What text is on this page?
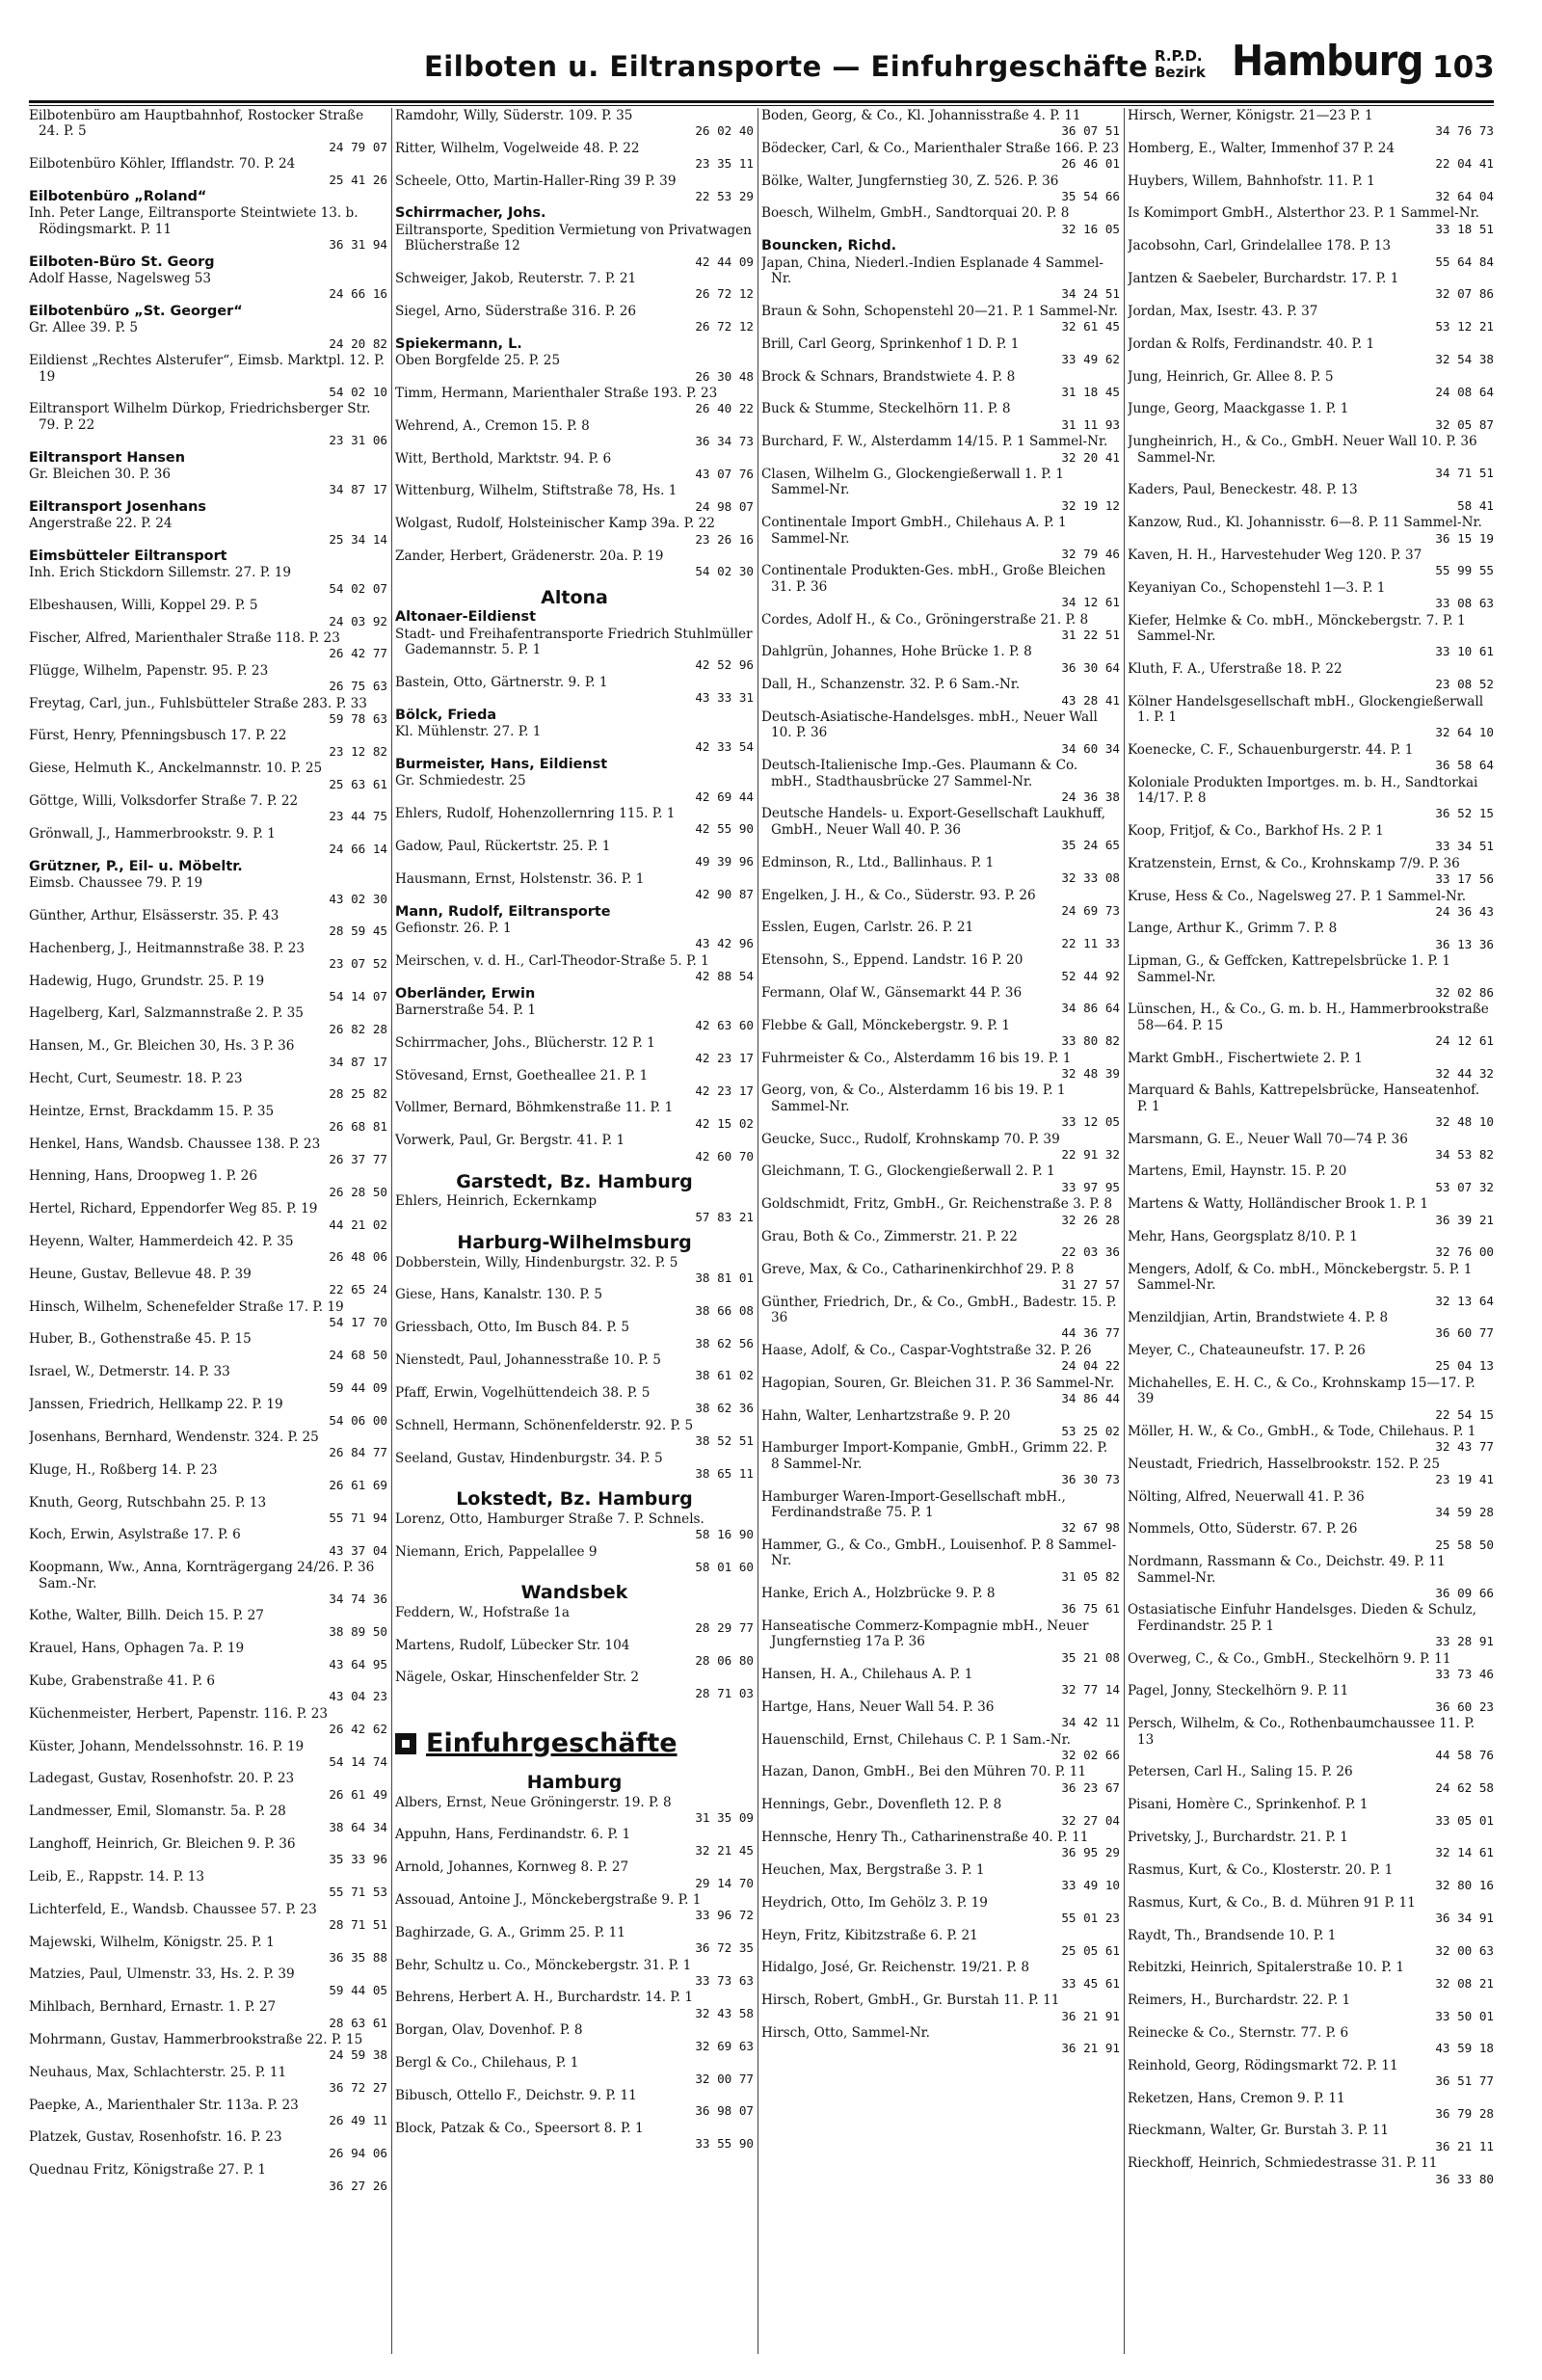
Eilboten u. Eiltransporte — Einfuhrgeschäfte R.P.D.
Bezirk Hamburg 103
Eilbotenbüro am Hauptbahnhof, Rostocker Straße 24. P. 5
24 79 07
Eilbotenbüro Köhler, Ifflandstr. 70. P. 24
25 41 26
Eilbotenbüro „Roland“
Inh. Peter Lange, Eiltransporte Steintwiete 13. b. Rödingsmarkt. P. 11
36 31 94
Eilboten-Büro St. Georg
Adolf Hasse, Nagelsweg 53
24 66 16
Eilbotenbüro „St. Georger“
Gr. Allee 39. P. 5
24 20 82
Eildienst „Rechtes Alsterufer“, Eimsb. Marktpl. 12. P. 19
54 02 10
Eiltransport Wilhelm Dürkop, Friedrichsberger Str. 79. P. 22
23 31 06
Eiltransport Hansen
Gr. Bleichen 30. P. 36
34 87 17
Eiltransport Josenhans
Angerstraße 22. P. 24
25 34 14
Eimsbütteler Eiltransport
Inh. Erich Stickdorn Sillemstr. 27. P. 19
54 02 07
Elbeshausen, Willi, Koppel 29. P. 5
24 03 92
Fischer, Alfred, Marienthaler Straße 118. P. 23
26 42 77
Flügge, Wilhelm, Papenstr. 95. P. 23
26 75 63
Freytag, Carl, jun., Fuhlsbütteler Straße 283. P. 33
59 78 63
Fürst, Henry, Pfenningsbusch 17. P. 22
23 12 82
Giese, Helmuth K., Anckelmannstr. 10. P. 25
25 63 61
Göttge, Willi, Volksdorfer Straße 7. P. 22
23 44 75
Grönwall, J., Hammerbrookstr. 9. P. 1
24 66 14
Grützner, P., Eil- u. Möbeltr.
Eimsb. Chaussee 79. P. 19
43 02 30
Günther, Arthur, Elsässerstr. 35. P. 43
28 59 45
Hachenberg, J., Heitmannstraße 38. P. 23
23 07 52
Hadewig, Hugo, Grundstr. 25. P. 19
54 14 07
Hagelberg, Karl, Salzmannstraße 2. P. 35
26 82 28
Hansen, M., Gr. Bleichen 30, Hs. 3 P. 36
34 87 17
Hecht, Curt, Seumestr. 18. P. 23
28 25 82
Heintze, Ernst, Brackdamm 15. P. 35
26 68 81
Henkel, Hans, Wandsb. Chaussee 138. P. 23
26 37 77
Henning, Hans, Droopweg 1. P. 26
26 28 50
Hertel, Richard, Eppendorfer Weg 85. P. 19
44 21 02
Heyenn, Walter, Hammerdeich 42. P. 35
26 48 06
Heune, Gustav, Bellevue 48. P. 39
22 65 24
Hinsch, Wilhelm, Schenefelder Straße 17. P. 19
54 17 70
Huber, B., Gothenstraße 45. P. 15
24 68 50
Israel, W., Detmerstr. 14. P. 33
59 44 09
Janssen, Friedrich, Hellkamp 22. P. 19
54 06 00
Josenhans, Bernhard, Wendenstr. 324. P. 25
26 84 77
Kluge, H., Roßberg 14. P. 23
26 61 69
Knuth, Georg, Rutschbahn 25. P. 13
55 71 94
Koch, Erwin, Asylstraße 17. P. 6
43 37 04
Koopmann, Ww., Anna, Kornträgergang 24/26. P. 36 Sam.-Nr.
34 74 36
Kothe, Walter, Billh. Deich 15. P. 27
38 89 50
Krauel, Hans, Ophagen 7a. P. 19
43 64 95
Kube, Grabenstraße 41. P. 6
43 04 23
Küchenmeister, Herbert, Papenstr. 116. P. 23
26 42 62
Küster, Johann, Mendelssohnstr. 16. P. 19
54 14 74
Ladegast, Gustav, Rosenhofstr. 20. P. 23
26 61 49
Landmesser, Emil, Slomanstr. 5a. P. 28
38 64 34
Langhoff, Heinrich, Gr. Bleichen 9. P. 36
35 33 96
Leib, E., Rappstr. 14. P. 13
55 71 53
Lichterfeld, E., Wandsb. Chaussee 57. P. 23
28 71 51
Majewski, Wilhelm, Königstr. 25. P. 1
36 35 88
Matzies, Paul, Ulmenstr. 33, Hs. 2. P. 39
59 44 05
Mihlbach, Bernhard, Ernastr. 1. P. 27
28 63 61
Mohrmann, Gustav, Hammerbrookstraße 22. P. 15
24 59 38
Neuhaus, Max, Schlachterstr. 25. P. 11
36 72 27
Paepke, A., Marienthaler Str. 113a. P. 23
26 49 11
Platzek, Gustav, Rosenhofstr. 16. P. 23
26 94 06
Quednau Fritz, Königstraße 27. P. 1
36 27 26
Ramdohr, Willy, Süderstr. 109. P. 35
26 02 40
Ritter, Wilhelm, Vogelweide 48. P. 22
23 35 11
Scheele, Otto, Martin-Haller-Ring 39 P. 39
22 53 29
Schirrmacher, Johs.
Eiltransporte, Spedition Vermietung von Privatwagen Blücherstraße 12
42 44 09
Schweiger, Jakob, Reuterstr. 7. P. 21
26 72 12
Siegel, Arno, Süderstraße 316. P. 26
26 72 12
Spiekermann, L.
Oben Borgfelde 25. P. 25
26 30 48
Timm, Hermann, Marienthaler Straße 193. P. 23
26 40 22
Wehrend, A., Cremon 15. P. 8
36 34 73
Witt, Berthold, Marktstr. 94. P. 6
43 07 76
Wittenburg, Wilhelm, Stiftstraße 78, Hs. 1
24 98 07
Wolgast, Rudolf, Holsteinischer Kamp 39a. P. 22
23 26 16
Zander, Herbert, Grädenerstr. 20a. P. 19
54 02 30
Altona
Altonaer-Eildienst
Stadt- und Freihafentransporte Friedrich Stuhlmüller Gademannstr. 5. P. 1
42 52 96
Bastein, Otto, Gärtnerstr. 9. P. 1
43 33 31
Bölck, Frieda
Kl. Mühlenstr. 27. P. 1
42 33 54
Burmeister, Hans, Eildienst
Gr. Schmiedestr. 25
42 69 44
Ehlers, Rudolf, Hohenzollernring 115. P. 1
42 55 90
Gadow, Paul, Rückertstr. 25. P. 1
49 39 96
Hausmann, Ernst, Holstenstr. 36. P. 1
42 90 87
Mann, Rudolf, Eiltransporte
Gefionstr. 26. P. 1
43 42 96
Meirschen, v. d. H., Carl-Theodor-Straße 5. P. 1
42 88 54
Oberländer, Erwin
Barnerstraße 54. P. 1
42 63 60
Schirrmacher, Johs., Blücherstr. 12 P. 1
42 23 17
Stövesand, Ernst, Goetheallee 21. P. 1
42 23 17
Vollmer, Bernard, Böhmkenstraße 11. P. 1
42 15 02
Vorwerk, Paul, Gr. Bergstr. 41. P. 1
42 60 70
Garstedt, Bz. Hamburg
Ehlers, Heinrich, Eckernkamp
57 83 21
Harburg-Wilhelmsburg
Dobberstein, Willy, Hindenburgstr. 32. P. 5
38 81 01
Giese, Hans, Kanalstr. 130. P. 5
38 66 08
Griessbach, Otto, Im Busch 84. P. 5
38 62 56
Nienstedt, Paul, Johannesstraße 10. P. 5
38 61 02
Pfaff, Erwin, Vogelhüttendeich 38. P. 5
38 62 36
Schnell, Hermann, Schönenfelderstr. 92. P. 5
38 52 51
Seeland, Gustav, Hindenburgstr. 34. P. 5
38 65 11
Lokstedt, Bz. Hamburg
Lorenz, Otto, Hamburger Straße 7. P. Schnels.
58 16 90
Niemann, Erich, Pappelallee 9
58 01 60
Wandsbek
Feddern, W., Hofstraße 1a
28 29 77
Martens, Rudolf, Lübecker Str. 104
28 06 80
Nägele, Oskar, Hinschenfelder Str. 2
28 71 03
Einfuhrgeschäfte
Hamburg
Albers, Ernst, Neue Gröningerstr. 19. P. 8
31 35 09
Appuhn, Hans, Ferdinandstr. 6. P. 1
32 21 45
Arnold, Johannes, Kornweg 8. P. 27
29 14 70
Assouad, Antoine J., Mönckebergstraße 9. P. 1
33 96 72
Baghirzade, G. A., Grimm 25. P. 11
36 72 35
Behr, Schultz u. Co., Mönckebergstr. 31. P. 1
33 73 63
Behrens, Herbert A. H., Burchardstr. 14. P. 1
32 43 58
Borgan, Olav, Dovenhof. P. 8
32 69 63
Bergl & Co., Chilehaus, P. 1
32 00 77
Bibusch, Ottello F., Deichstr. 9. P. 11
36 98 07
Block, Patzak & Co., Speersort 8. P. 1
33 55 90
Boden, Georg, & Co., Kl. Johannisstraße 4. P. 11
36 07 51
Bödecker, Carl, & Co., Marienthaler Straße 166. P. 23
26 46 01
Bölke, Walter, Jungfernstieg 30, Z. 526. P. 36
35 54 66
Boesch, Wilhelm, GmbH., Sandtorquai 20. P. 8
32 16 05
Bouncken, Richd.
Japan, China, Niederl.-Indien Esplanade 4 Sammel-Nr.
34 24 51
Braun & Sohn, Schopenstehl 20—21. P. 1 Sammel-Nr.
32 61 45
Brill, Carl Georg, Sprinkenhof 1 D. P. 1
33 49 62
Brock & Schnars, Brandstwiete 4. P. 8
31 18 45
Buck & Stumme, Steckelhörn 11. P. 8
31 11 93
Burchard, F. W., Alsterdamm 14/15. P. 1 Sammel-Nr.
32 20 41
Clasen, Wilhelm G., Glockengießerwall 1. P. 1 Sammel-Nr.
32 19 12
Continentale Import GmbH., Chilehaus A. P. 1 Sammel-Nr.
32 79 46
Continentale Produkten-Ges. mbH., Große Bleichen 31. P. 36
34 12 61
Cordes, Adolf H., & Co., Gröningerstraße 21. P. 8
31 22 51
Dahlgrün, Johannes, Hohe Brücke 1. P. 8
36 30 64
Dall, H., Schanzenstr. 32. P. 6 Sam.-Nr.
43 28 41
Deutsch-Asiatische-Handelsges. mbH., Neuer Wall 10. P. 36
34 60 34
Deutsch-Italienische Imp.-Ges. Plaumann & Co. mbH., Stadthausbrücke 27 Sammel-Nr.
24 36 38
Deutsche Handels- u. Export-Gesellschaft Laukhuff, GmbH., Neuer Wall 40. P. 36
35 24 65
Edminson, R., Ltd., Ballinhaus. P. 1
32 33 08
Engelken, J. H., & Co., Süderstr. 93. P. 26
24 69 73
Esslen, Eugen, Carlstr. 26. P. 21
22 11 33
Etensohn, S., Eppend. Landstr. 16 P. 20
52 44 92
Fermann, Olaf W., Gänsemarkt 44 P. 36
34 86 64
Flebbe & Gall, Mönckebergstr. 9. P. 1
33 80 82
Fuhrmeister & Co., Alsterdamm 16 bis 19. P. 1
32 48 39
Georg, von, & Co., Alsterdamm 16 bis 19. P. 1 Sammel-Nr.
33 12 05
Geucke, Succ., Rudolf, Krohnskamp 70. P. 39
22 91 32
Gleichmann, T. G., Glockengießerwall 2. P. 1
33 97 95
Goldschmidt, Fritz, GmbH., Gr. Reichenstraße 3. P. 8
32 26 28
Grau, Both & Co., Zimmerstr. 21. P. 22
22 03 36
Greve, Max, & Co., Catharinenkirchhof 29. P. 8
31 27 57
Günther, Friedrich, Dr., & Co., GmbH., Badestr. 15. P. 36
44 36 77
Haase, Adolf, & Co., Caspar-Voghtstraße 32. P. 26
24 04 22
Hagopian, Souren, Gr. Bleichen 31. P. 36 Sammel-Nr.
34 86 44
Hahn, Walter, Lenhartzstraße 9. P. 20
53 25 02
Hamburger Import-Kompanie, GmbH., Grimm 22. P. 8 Sammel-Nr.
36 30 73
Hamburger Waren-Import-Gesellschaft mbH., Ferdinandstraße 75. P. 1
32 67 98
Hammer, G., & Co., GmbH., Louisenhof. P. 8 Sammel-Nr.
31 05 82
Hanke, Erich A., Holzbrücke 9. P. 8
36 75 61
Hanseatische Commerz-Kompagnie mbH., Neuer Jungfernstieg 17a P. 36
35 21 08
Hansen, H. A., Chilehaus A. P. 1
32 77 14
Hartge, Hans, Neuer Wall 54. P. 36
34 42 11
Hauenschild, Ernst, Chilehaus C. P. 1 Sam.-Nr.
32 02 66
Hazan, Danon, GmbH., Bei den Mühren 70. P. 11
36 23 67
Hennings, Gebr., Dovenfleth 12. P. 8
32 27 04
Hennsche, Henry Th., Catharinenstraße 40. P. 11
36 95 29
Heuchen, Max, Bergstraße 3. P. 1
33 49 10
Heydrich, Otto, Im Gehölz 3. P. 19
55 01 23
Heyn, Fritz, Kibitzstraße 6. P. 21
25 05 61
Hidalgo, José, Gr. Reichenstr. 19/21. P. 8
33 45 61
Hirsch, Robert, GmbH., Gr. Burstah 11. P. 11
36 21 91
Hirsch, Otto, Sammel-Nr.
36 21 91
Hirsch, Werner, Königstr. 21—23 P. 1
34 76 73
Homberg, E., Walter, Immenhof 37 P. 24
22 04 41
Huybers, Willem, Bahnhofstr. 11. P. 1
32 64 04
Is Komimport GmbH., Alsterthor 23. P. 1 Sammel-Nr.
33 18 51
Jacobsohn, Carl, Grindelallee 178. P. 13
55 64 84
Jantzen & Saebeler, Burchardstr. 17. P. 1
32 07 86
Jordan, Max, Isestr. 43. P. 37
53 12 21
Jordan & Rolfs, Ferdinandstr. 40. P. 1
32 54 38
Jung, Heinrich, Gr. Allee 8. P. 5
24 08 64
Junge, Georg, Maackgasse 1. P. 1
32 05 87
Jungheinrich, H., & Co., GmbH. Neuer Wall 10. P. 36 Sammel-Nr.
34 71 51
Kaders, Paul, Beneckestr. 48. P. 13
58 41
Kanzow, Rud., Kl. Johannisstr. 6—8. P. 11 Sammel-Nr.
36 15 19
Kaven, H. H., Harvestehuder Weg 120. P. 37
55 99 55
Keyaniyan Co., Schopenstehl 1—3. P. 1
33 08 63
Kiefer, Helmke & Co. mbH., Mönckebergstr. 7. P. 1 Sammel-Nr.
33 10 61
Kluth, F. A., Uferstraße 18. P. 22
23 08 52
Kölner Handelsgesellschaft mbH., Glockengießerwall 1. P. 1
32 64 10
Koenecke, C. F., Schauenburgerstr. 44. P. 1
36 58 64
Koloniale Produkten Importges. m. b. H., Sandtorkai 14/17. P. 8
36 52 15
Koop, Fritjof, & Co., Barkhof Hs. 2 P. 1
33 34 51
Kratzenstein, Ernst, & Co., Krohnskamp 7/9. P. 36
33 17 56
Kruse, Hess & Co., Nagelsweg 27. P. 1 Sammel-Nr.
24 36 43
Lange, Arthur K., Grimm 7. P. 8
36 13 36
Lipman, G., & Geffcken, Kattrepelsbrücke 1. P. 1 Sammel-Nr.
32 02 86
Lünschen, H., & Co., G. m. b. H., Hammerbrookstraße 58—64. P. 15
24 12 61
Markt GmbH., Fischertwiete 2. P. 1
32 44 32
Marquard & Bahls, Kattrepelsbrücke, Hanseatenhof. P. 1
32 48 10
Marsmann, G. E., Neuer Wall 70—74 P. 36
34 53 82
Martens, Emil, Haynstr. 15. P. 20
53 07 32
Martens & Watty, Holländischer Brook 1. P. 1
36 39 21
Mehr, Hans, Georgsplatz 8/10. P. 1
32 76 00
Mengers, Adolf, & Co. mbH., Mönckebergstr. 5. P. 1 Sammel-Nr.
32 13 64
Menzildjian, Artin, Brandstwiete 4. P. 8
36 60 77
Meyer, C., Chateauneufstr. 17. P. 26
25 04 13
Michahelles, E. H. C., & Co., Krohnskamp 15—17. P. 39
22 54 15
Möller, H. W., & Co., GmbH., & Tode, Chilehaus. P. 1
32 43 77
Neustadt, Friedrich, Hasselbrookstr. 152. P. 25
23 19 41
Nölting, Alfred, Neuerwall 41. P. 36
34 59 28
Nommels, Otto, Süderstr. 67. P. 26
25 58 50
Nordmann, Rassmann & Co., Deichstr. 49. P. 11 Sammel-Nr.
36 09 66
Ostasiatische Einfuhr Handelsges. Dieden & Schulz, Ferdinandstr. 25 P. 1
33 28 91
Overweg, C., & Co., GmbH., Steckelhörn 9. P. 11
33 73 46
Pagel, Jonny, Steckelhörn 9. P. 11
36 60 23
Persch, Wilhelm, & Co., Rothenbaumchaussee 11. P. 13
44 58 76
Petersen, Carl H., Saling 15. P. 26
24 62 58
Pisani, Homère C., Sprinkenhof. P. 1
33 05 01
Privetsky, J., Burchardstr. 21. P. 1
32 14 61
Rasmus, Kurt, & Co., Klosterstr. 20. P. 1
32 80 16
Rasmus, Kurt, & Co., B. d. Mühren 91 P. 11
36 34 91
Raydt, Th., Brandsende 10. P. 1
32 00 63
Rebitzki, Heinrich, Spitalerstraße 10. P. 1
32 08 21
Reimers, H., Burchardstr. 22. P. 1
33 50 01
Reinecke & Co., Sternstr. 77. P. 6
43 59 18
Reinhold, Georg, Rödingsmarkt 72. P. 11
36 51 77
Reketzen, Hans, Cremon 9. P. 11
36 79 28
Rieckmann, Walter, Gr. Burstah 3. P. 11
36 21 11
Rieckhoff, Heinrich, Schmiedestrasse 31. P. 11
36 33 80
